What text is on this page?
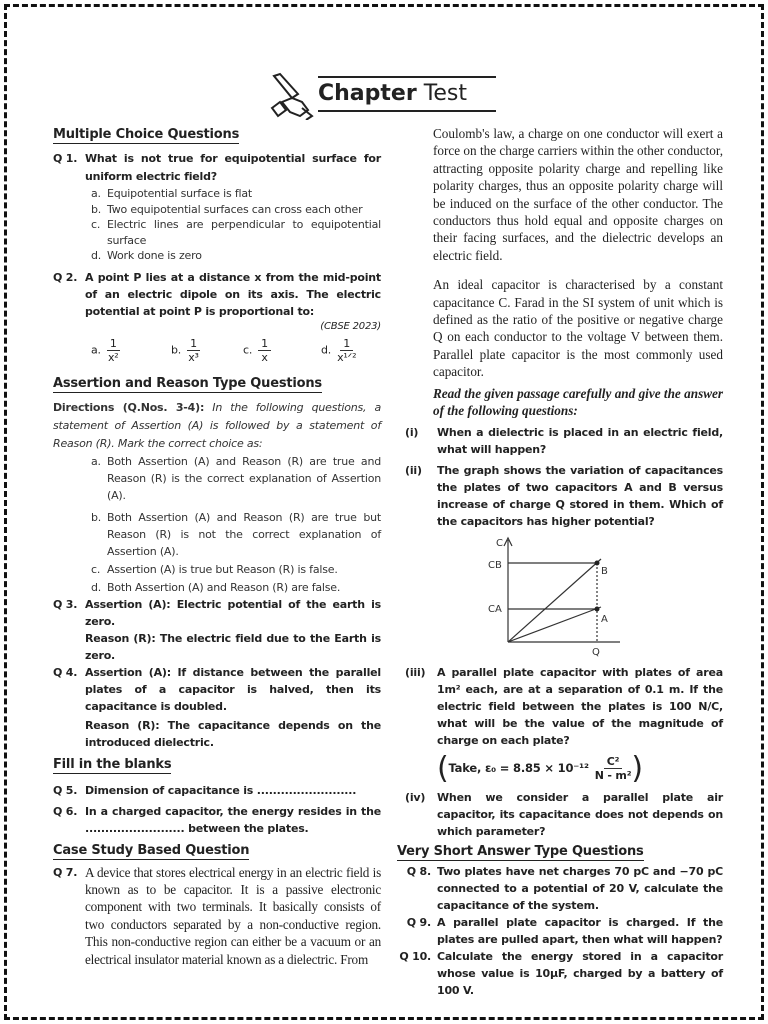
Chapter Test
Multiple Choice Questions
Q 1. What is not true for equipotential surface for uniform electric field?
a. Equipotential surface is flat
b. Two equipotential surfaces can cross each other
c. Electric lines are perpendicular to equipotential surface
d. Work done is zero
Q 2. A point P lies at a distance x from the mid-point of an electric dipole on its axis. The electric potential at point P is proportional to:
(CBSE 2023)
a. $\frac{1}{\text{x²}}$	b. $\frac{1}{\text{x³}}$	c. $\frac{1}{x}$	d. $\frac{1}{\text{x¹ᐟ²}}$
Assertion and Reason Type Questions
Directions (Q.Nos. 3-4): In the following questions, a statement of Assertion (A) is followed by a statement of Reason (R). Mark the correct choice as:
a. Both Assertion (A) and Reason (R) are true and Reason (R) is the correct explanation of Assertion (A).
b. Both Assertion (A) and Reason (R) are true but Reason (R) is not the correct explanation of Assertion (A).
c. Assertion (A) is true but Reason (R) is false.
d. Both Assertion (A) and Reason (R) are false.
Q 3. Assertion (A): Electric potential of the earth is zero.
Reason (R): The electric field due to the Earth is zero.
Q 4. Assertion (A): If distance between the parallel plates of a capacitor is halved, then its capacitance is doubled.
Reason (R): The capacitance depends on the introduced dielectric.
Fill in the blanks
Q 5. Dimension of capacitance is .........................
Q 6. In a charged capacitor, the energy resides in the ......................... between the plates.
Case Study Based Question
Q 7. A device that stores electrical energy in an electric field is known as to be capacitor. It is a passive electronic component with two terminals. It basically consists of two conductors separated by a non-conductive region. This non-conductive region can either be a vacuum or an electrical insulator material known as a dielectric. From

Coulomb's law, a charge on one conductor will exert a force on the charge carriers within the other conductor, attracting opposite polarity charge and repelling like polarity charges, thus an opposite polarity charge will be induced on the surface of the other conductor. The conductors thus hold equal and opposite charges on their facing surfaces, and the dielectric develops an electric field.

An ideal capacitor is characterised by a constant capacitance C. Farad in the SI system of unit which is defined as the ratio of the positive or negative charge Q on each conductor to the voltage V between them. Parallel plate capacitor is the most commonly used capacitor.

Read the given passage carefully and give the answer of the following questions:

(i)	When a dielectric is placed in an electric field, what will happen?
(ii)	The graph shows the variation of capacitances the plates of two capacitors A and B versus increase of charge Q stored in them. Which of the capacitors has higher potential?
C
CB
CA
B
A
Q
(iii)	A parallel plate capacitor with plates of area 1m² each, are at a separation of 0.1 m. If the electric field between the plates is 100 N/C, what will be the value of the magnitude of charge on each plate?
( Take, $\varepsilon_0 = 8.85 \times 10^{-12} \frac{\text{C²}}{\text{N - m²}}$ )
(iv)	When we consider a parallel plate air capacitor, its capacitance does not depends on which parameter?
Very Short Answer Type Questions
Q 8. Two plates have net charges 70 pC and −70 pC connected to a potential of 20 V, calculate the capacitance of the system.
Q 9. A parallel plate capacitor is charged. If the plates are pulled apart, then what will happen?
Q 10. Calculate the energy stored in a capacitor whose value is 10μF, charged by a battery of 100 V.
